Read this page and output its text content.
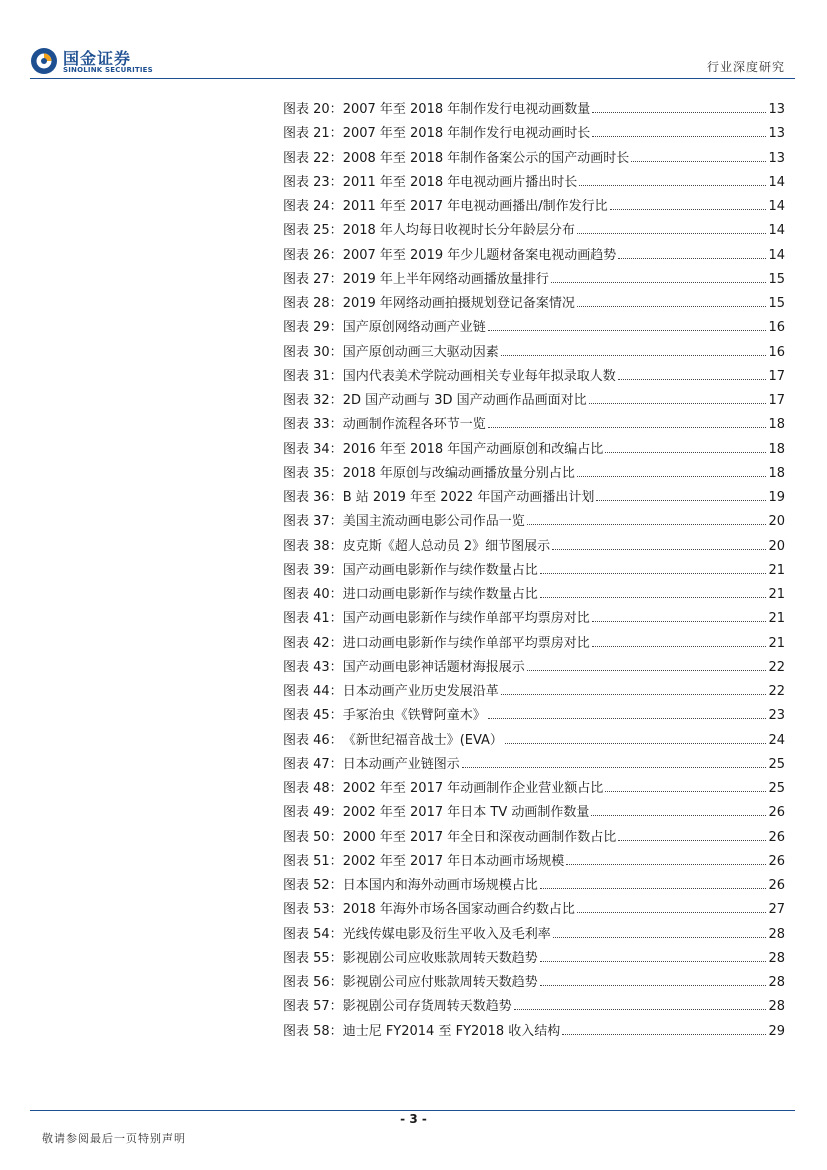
国金证券
SINOLINK SECURITIES	行业深度研究
图表 20： 2007 年至 2018 年制作发行电视动画数量	13
图表 21： 2007 年至 2018 年制作发行电视动画时长	13
图表 22： 2008 年至 2018 年制作备案公示的国产动画时长	13
图表 23： 2011 年至 2018 年电视动画片播出时长	14
图表 24： 2011 年至 2017 年电视动画播出/制作发行比	14
图表 25： 2018 年人均每日收视时长分年龄层分布	14
图表 26： 2007 年至 2019 年少儿题材备案电视动画趋势	14
图表 27： 2019 年上半年网络动画播放量排行	15
图表 28： 2019 年网络动画拍摄规划登记备案情况	15
图表 29： 国产原创网络动画产业链	16
图表 30： 国产原创动画三大驱动因素	16
图表 31： 国内代表美术学院动画相关专业每年拟录取人数	17
图表 32： 2D 国产动画与 3D 国产动画作品画面对比	17
图表 33： 动画制作流程各环节一览	18
图表 34： 2016 年至 2018 年国产动画原创和改编占比	18
图表 35： 2018 年原创与改编动画播放量分别占比	18
图表 36： B 站 2019 年至 2022 年国产动画播出计划	19
图表 37： 美国主流动画电影公司作品一览	20
图表 38： 皮克斯《超人总动员 2》细节图展示	20
图表 39： 国产动画电影新作与续作数量占比	21
图表 40： 进口动画电影新作与续作数量占比	21
图表 41： 国产动画电影新作与续作单部平均票房对比	21
图表 42： 进口动画电影新作与续作单部平均票房对比	21
图表 43： 国产动画电影神话题材海报展示	22
图表 44： 日本动画产业历史发展沿革	22
图表 45： 手冢治虫《铁臂阿童木》	23
图表 46： 《新世纪福音战士》(EVA）	24
图表 47： 日本动画产业链图示	25
图表 48： 2002 年至 2017 年动画制作企业营业额占比	25
图表 49： 2002 年至 2017 年日本 TV 动画制作数量	26
图表 50： 2000 年至 2017 年全日和深夜动画制作数占比	26
图表 51： 2002 年至 2017 年日本动画市场规模	26
图表 52： 日本国内和海外动画市场规模占比	26
图表 53： 2018 年海外市场各国家动画合约数占比	27
图表 54： 光线传媒电影及衍生平收入及毛利率	28
图表 55： 影视剧公司应收账款周转天数趋势	28
图表 56： 影视剧公司应付账款周转天数趋势	28
图表 57： 影视剧公司存货周转天数趋势	28
图表 58： 迪士尼 FY2014 至 FY2018 收入结构	29
- 3 -
敬请参阅最后一页特别声明
